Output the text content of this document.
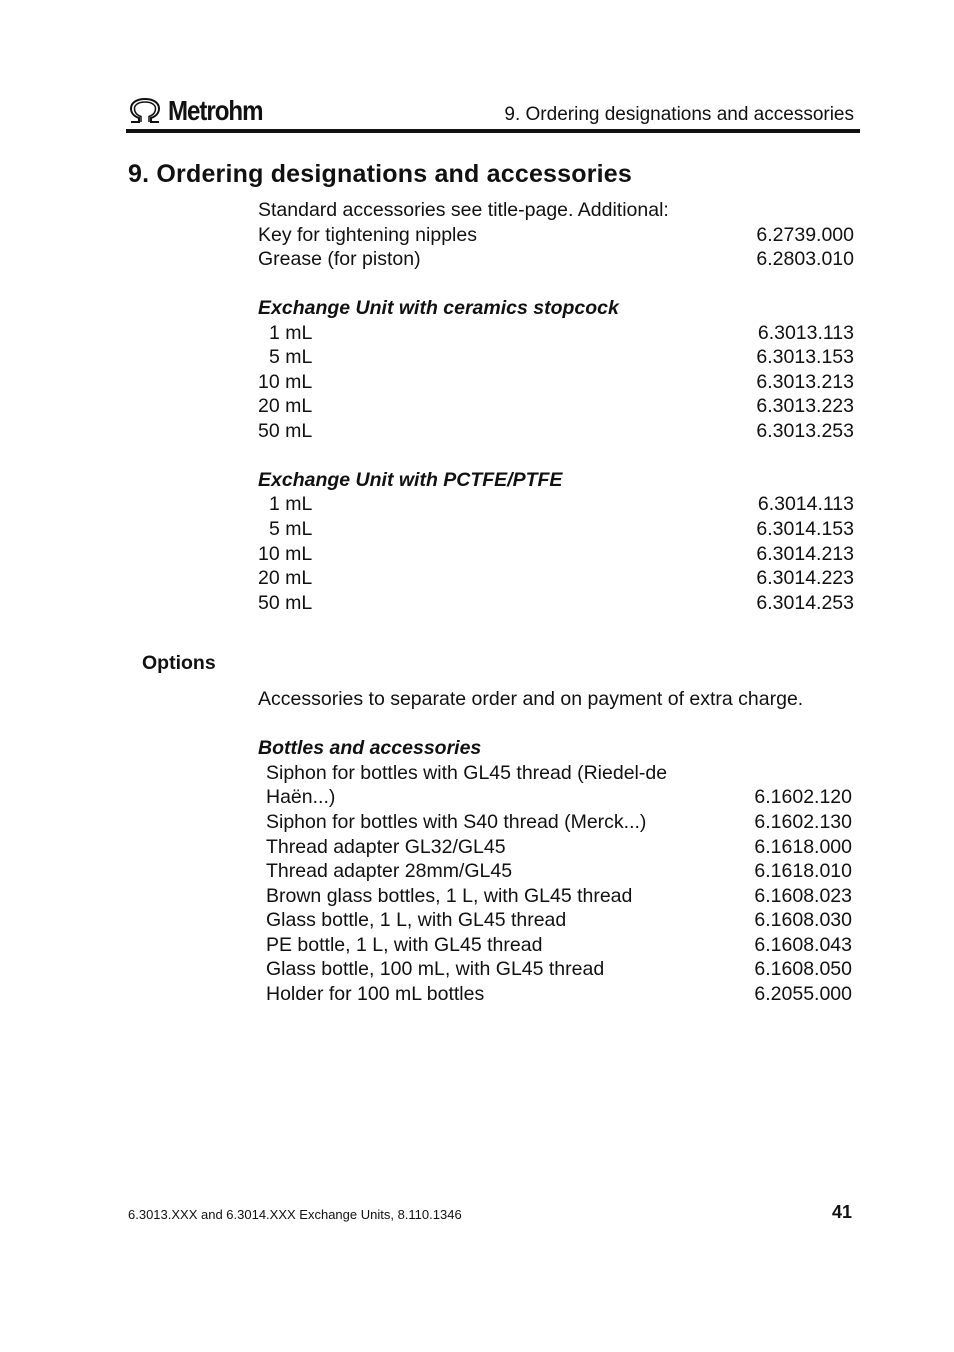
Metrohm	9. Ordering designations and accessories
9. Ordering designations and accessories
Standard accessories see title-page. Additional:
Key for tightening nipples	6.2739.000
Grease (for piston)	6.2803.010
Exchange Unit with ceramics stopcock
1 mL	6.3013.113
5 mL	6.3013.153
10 mL	6.3013.213
20 mL	6.3013.223
50 mL	6.3013.253
Exchange Unit with PCTFE/PTFE
1 mL	6.3014.113
5 mL	6.3014.153
10 mL	6.3014.213
20 mL	6.3014.223
50 mL	6.3014.253
Options
Accessories to separate order and on payment of extra charge.
Bottles and accessories
Siphon for bottles with GL45 thread (Riedel-de
Haën...)	6.1602.120
Siphon for bottles with S40 thread (Merck...)	6.1602.130
Thread adapter GL32/GL45	6.1618.000
Thread adapter 28mm/GL45	6.1618.010
Brown glass bottles, 1 L, with GL45 thread	6.1608.023
Glass bottle, 1 L, with GL45 thread	6.1608.030
PE bottle, 1 L, with GL45 thread	6.1608.043
Glass bottle, 100 mL, with GL45 thread	6.1608.050
Holder for 100 mL bottles	6.2055.000
6.3013.XXX and 6.3014.XXX Exchange Units, 8.110.1346	41
